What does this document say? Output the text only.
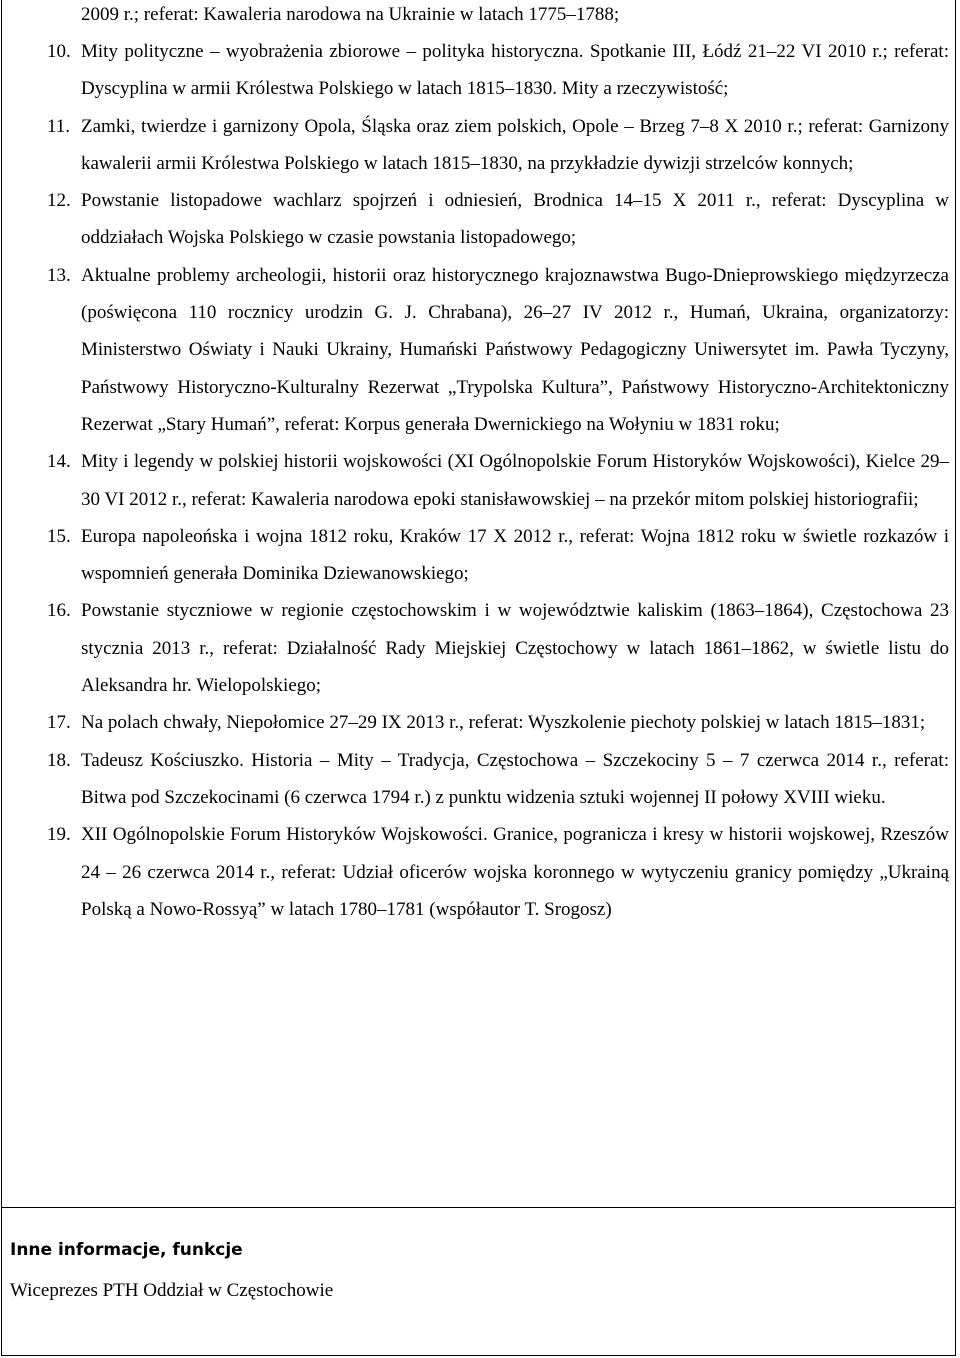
2009 r.; referat: Kawaleria narodowa na Ukrainie w latach 1775–1788;
10. Mity polityczne – wyobrażenia zbiorowe – polityka historyczna. Spotkanie III, Łódź 21–22 VI 2010 r.; referat: Dyscyplina w armii Królestwa Polskiego w latach 1815–1830. Mity a rzeczywistość;
11. Zamki, twierdze i garnizony Opola, Śląska oraz ziem polskich, Opole – Brzeg 7–8 X 2010 r.; referat: Garnizony kawalerii armii Królestwa Polskiego w latach 1815–1830, na przykładzie dywizji strzelców konnych;
12. Powstanie listopadowe wachlarz spojrzeń i odniesień, Brodnica 14–15 X 2011 r., referat: Dyscyplina w oddziałach Wojska Polskiego w czasie powstania listopadowego;
13. Aktualne problemy archeologii, historii oraz historycznego krajoznawstwa Bugo-Dnieprowskiego międzyrzecza (poświęcona 110 rocznicy urodzin G. J. Chrabana), 26–27 IV 2012 r., Humań, Ukraina, organizatorzy: Ministerstwo Oświaty i Nauki Ukrainy, Humański Państwowy Pedagogiczny Uniwersytet im. Pawła Tyczyny, Państwowy Historyczno-Kulturalny Rezerwat „Trypolska Kultura”, Państwowy Historyczno-Architektoniczny Rezerwat „Stary Humań”, referat: Korpus generała Dwernickiego na Wołyniu w 1831 roku;
14. Mity i legendy w polskiej historii wojskowości (XI Ogólnopolskie Forum Historyków Wojskowości), Kielce 29–30 VI 2012 r., referat: Kawaleria narodowa epoki stanisławowskiej – na przekór mitom polskiej historiografii;
15. Europa napoleońska i wojna 1812 roku, Kraków 17 X 2012 r., referat: Wojna 1812 roku w świetle rozkazów i wspomnień generała Dominika Dziewanowskiego;
16. Powstanie styczniowe w regionie częstochowskim i w województwie kaliskim (1863–1864), Częstochowa 23 stycznia 2013 r., referat: Działalność Rady Miejskiej Częstochowy w latach 1861–1862, w świetle listu do Aleksandra hr. Wielopolskiego;
17. Na polach chwały, Niepołomice 27–29 IX 2013 r., referat: Wyszkolenie piechoty polskiej w latach 1815–1831;
18. Tadeusz Kościuszko. Historia – Mity – Tradycja, Częstochowa – Szczekociny 5 – 7 czerwca 2014 r., referat: Bitwa pod Szczekocinami (6 czerwca 1794 r.) z punktu widzenia sztuki wojennej II połowy XVIII wieku.
19. XII Ogólnopolskie Forum Historyków Wojskowości. Granice, pogranicza i kresy w historii wojskowej, Rzeszów 24 – 26 czerwca 2014 r., referat: Udział oficerów wojska koronnego w wytyczeniu granicy pomiędzy „Ukrainą Polską a Nowo-Rossyą” w latach 1780–1781 (współautor T. Srogosz)
Inne informacje, funkcje
Wiceprezes PTH Oddział w Częstochowie
